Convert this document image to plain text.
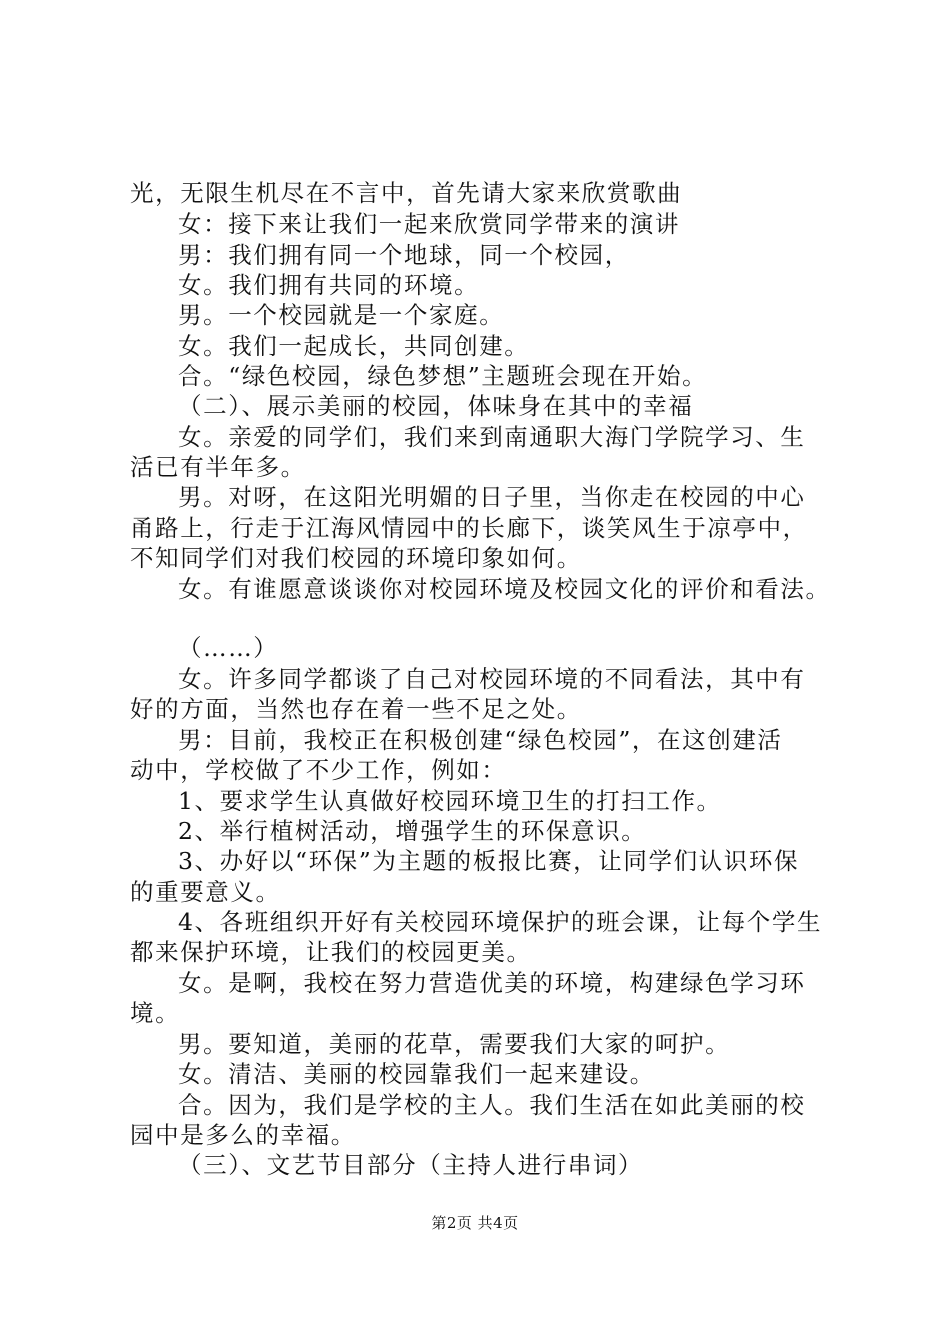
光，无限生机尽在不言中，首先请大家来欣赏歌曲
女：接下来让我们一起来欣赏同学带来的演讲
男：我们拥有同一个地球，同一个校园，
女。我们拥有共同的环境。
男。一个校园就是一个家庭。
女。我们一起成长，共同创建。
合。“绿色校园，绿色梦想”主题班会现在开始。
（二）、展示美丽的校园，体味身在其中的幸福
女。亲爱的同学们，我们来到南通职大海门学院学习、生
活已有半年多。
男。对呀，在这阳光明媚的日子里，当你走在校园的中心
甬路上，行走于江海风情园中的长廊下，谈笑风生于凉亭中，
不知同学们对我们校园的环境印象如何。
女。有谁愿意谈谈你对校园环境及校园文化的评价和看法。
（……）
女。许多同学都谈了自己对校园环境的不同看法，其中有
好的方面，当然也存在着一些不足之处。
男：目前，我校正在积极创建“绿色校园”，在这创建活
动中，学校做了不少工作，例如：
1、要求学生认真做好校园环境卫生的打扫工作。
2、举行植树活动，增强学生的环保意识。
3、办好以“环保”为主题的板报比赛，让同学们认识环保
的重要意义。
4、各班组织开好有关校园环境保护的班会课，让每个学生
都来保护环境，让我们的校园更美。
女。是啊，我校在努力营造优美的环境，构建绿色学习环
境。
男。要知道，美丽的花草，需要我们大家的呵护。
女。清洁、美丽的校园靠我们一起来建设。
合。因为，我们是学校的主人。我们生活在如此美丽的校
园中是多么的幸福。
（三）、文艺节目部分（主持人进行串词）
第2页 共4页
